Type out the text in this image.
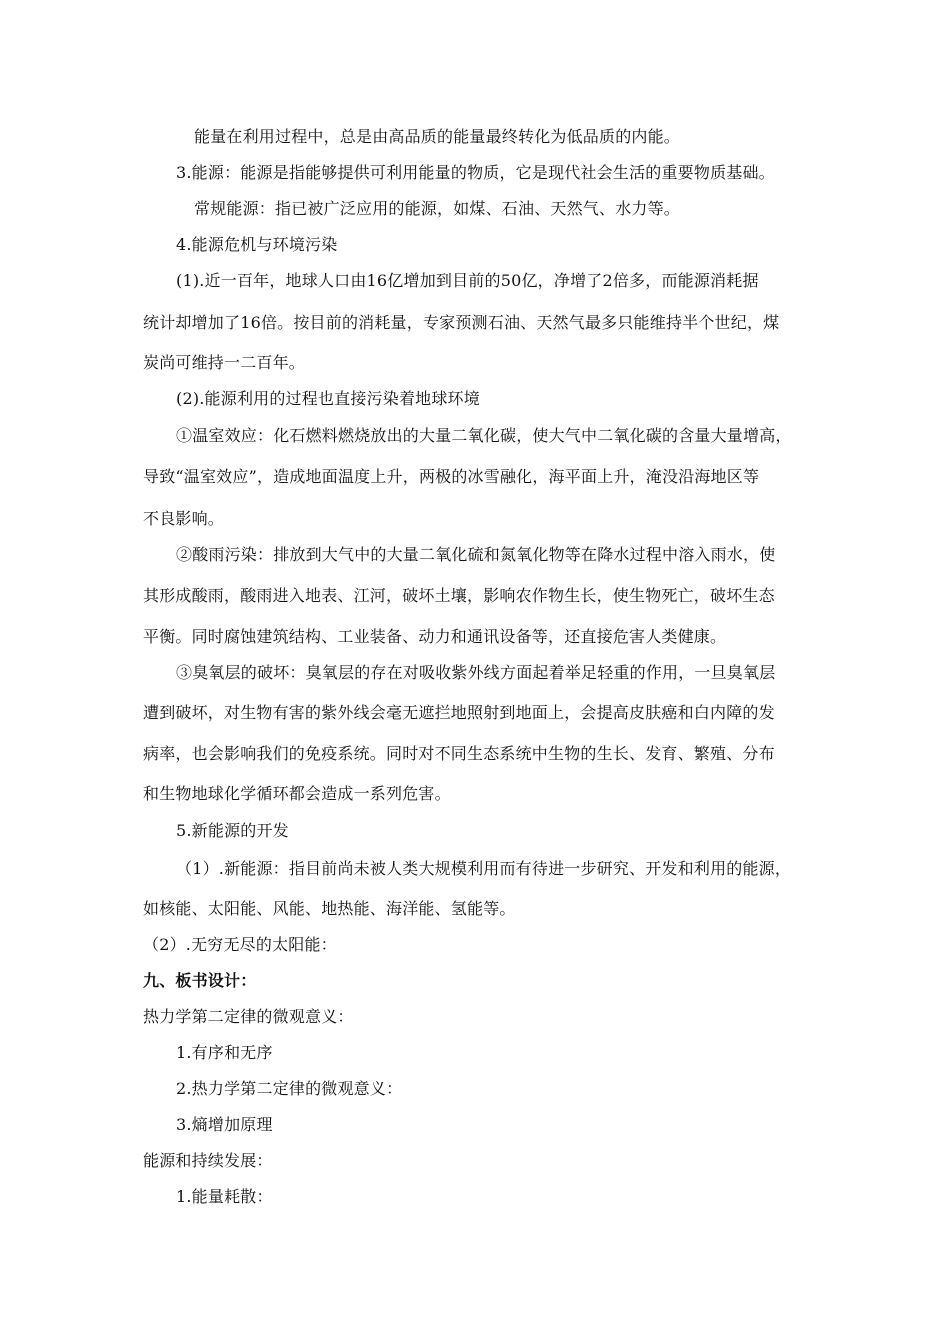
能量在利用过程中，总是由高品质的能量最终转化为低品质的内能。
3.能源：能源是指能够提供可利用能量的物质，它是现代社会生活的重要物质基础。
常规能源：指已被广泛应用的能源，如煤、石油、天然气、水力等。
4.能源危机与环境污染
(1).近一百年，地球人口由16亿增加到目前的50亿，净增了2倍多，而能源消耗据
统计却增加了16倍。按目前的消耗量，专家预测石油、天然气最多只能维持半个世纪，煤
炭尚可维持一二百年。
(2).能源利用的过程也直接污染着地球环境
①温室效应：化石燃料燃烧放出的大量二氧化碳，使大气中二氧化碳的含量大量增高，
导致“温室效应”，造成地面温度上升，两极的冰雪融化，海平面上升，淹没沿海地区等
不良影响。
②酸雨污染：排放到大气中的大量二氧化硫和氮氧化物等在降水过程中溶入雨水，使
其形成酸雨，酸雨进入地表、江河，破坏土壤，影响农作物生长，使生物死亡，破坏生态
平衡。同时腐蚀建筑结构、工业装备、动力和通讯设备等，还直接危害人类健康。
③臭氧层的破坏：臭氧层的存在对吸收紫外线方面起着举足轻重的作用，一旦臭氧层
遭到破坏，对生物有害的紫外线会毫无遮拦地照射到地面上，会提高皮肤癌和白内障的发
病率，也会影响我们的免疫系统。同时对不同生态系统中生物的生长、发育、繁殖、分布
和生物地球化学循环都会造成一系列危害。
5.新能源的开发
（1）.新能源：指目前尚未被人类大规模利用而有待进一步研究、开发和利用的能源，
如核能、太阳能、风能、地热能、海洋能、氢能等。
（2）.无穷无尽的太阳能：
九、板书设计：
热力学第二定律的微观意义：
1.有序和无序
2.热力学第二定律的微观意义：
3.熵增加原理
能源和持续发展：
1.能量耗散：
